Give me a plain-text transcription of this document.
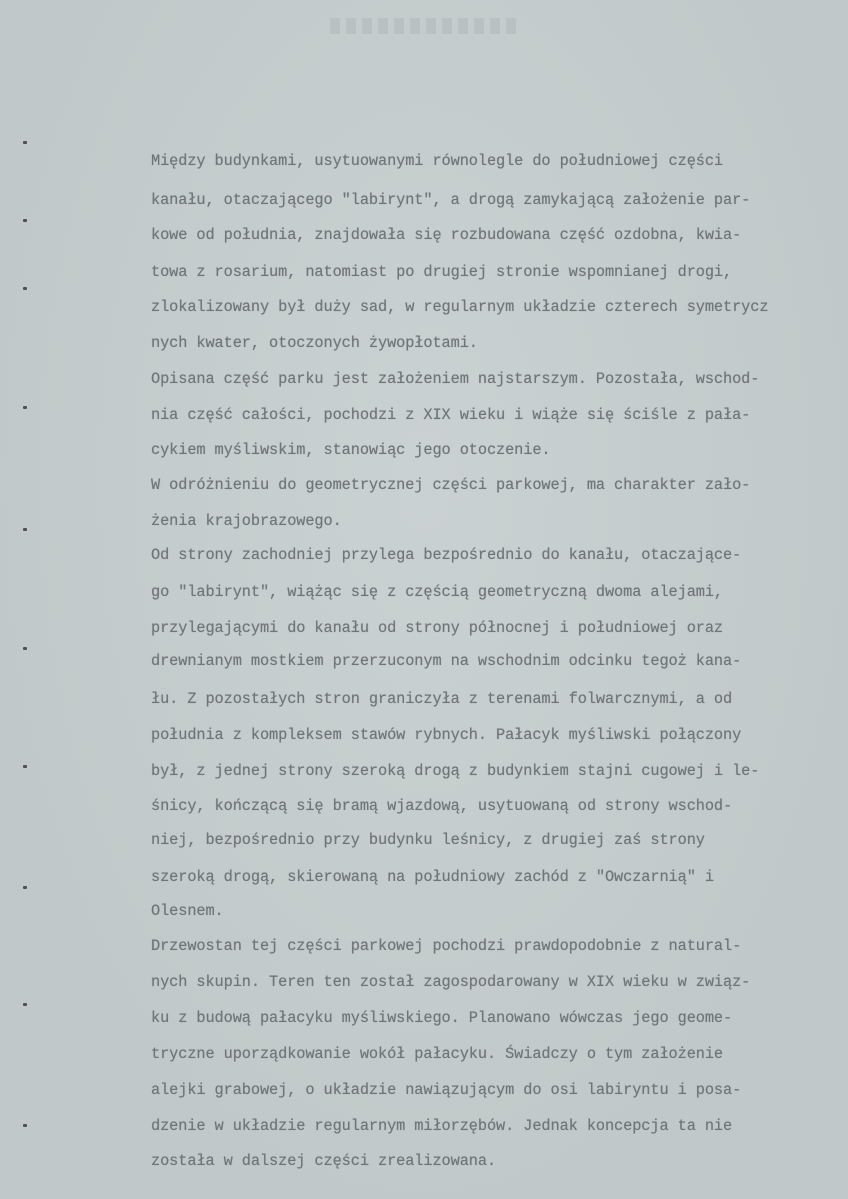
Między budynkami, usytuowanymi równolegle do południowej części
kanału, otaczającego "labirynt", a drogą zamykającą założenie par-
kowe od południa, znajdowała się rozbudowana część ozdobna, kwia-
towa z rosarium, natomiast po drugiej stronie wspomnianej drogi,
zlokalizowany był duży sad, w regularnym układzie czterech symetrycz
nych kwater, otoczonych żywopłotami.
Opisana część parku jest założeniem najstarszym. Pozostała, wschod-
nia część całości, pochodzi z XIX wieku i wiąże się ściśle z pała-
cykiem myśliwskim, stanowiąc jego otoczenie.
W odróżnieniu do geometrycznej części parkowej, ma charakter zało-
żenia krajobrazowego.
Od strony zachodniej przylega bezpośrednio do kanału, otaczające-
go "labirynt", wiążąc się z częścią geometryczną dwoma alejami,
przylegającymi do kanału od strony północnej i południowej oraz
drewnianym mostkiem przerzuconym na wschodnim odcinku tegoż kana-
łu. Z pozostałych stron graniczyła z terenami folwarcznymi, a od
południa z kompleksem stawów rybnych. Pałacyk myśliwski połączony
był, z jednej strony szeroką drogą z budynkiem stajni cugowej i le-
śnicy, kończącą się bramą wjazdową, usytuowaną od strony wschod-
niej, bezpośrednio przy budynku leśnicy, z drugiej zaś strony
szeroką drogą, skierowaną na południowy zachód z "Owczarnią" i
Olesnem.
Drzewostan tej części parkowej pochodzi prawdopodobnie z natural-
nych skupin. Teren ten został zagospodarowany w XIX wieku w związ-
ku z budową pałacyku myśliwskiego. Planowano wówczas jego geome-
tryczne uporządkowanie wokół pałacyku. Świadczy o tym założenie
alejki grabowej, o układzie nawiązującym do osi labiryntu i posa-
dzenie w układzie regularnym miłorzębów. Jednak koncepcja ta nie
została w dalszej części zrealizowana.
